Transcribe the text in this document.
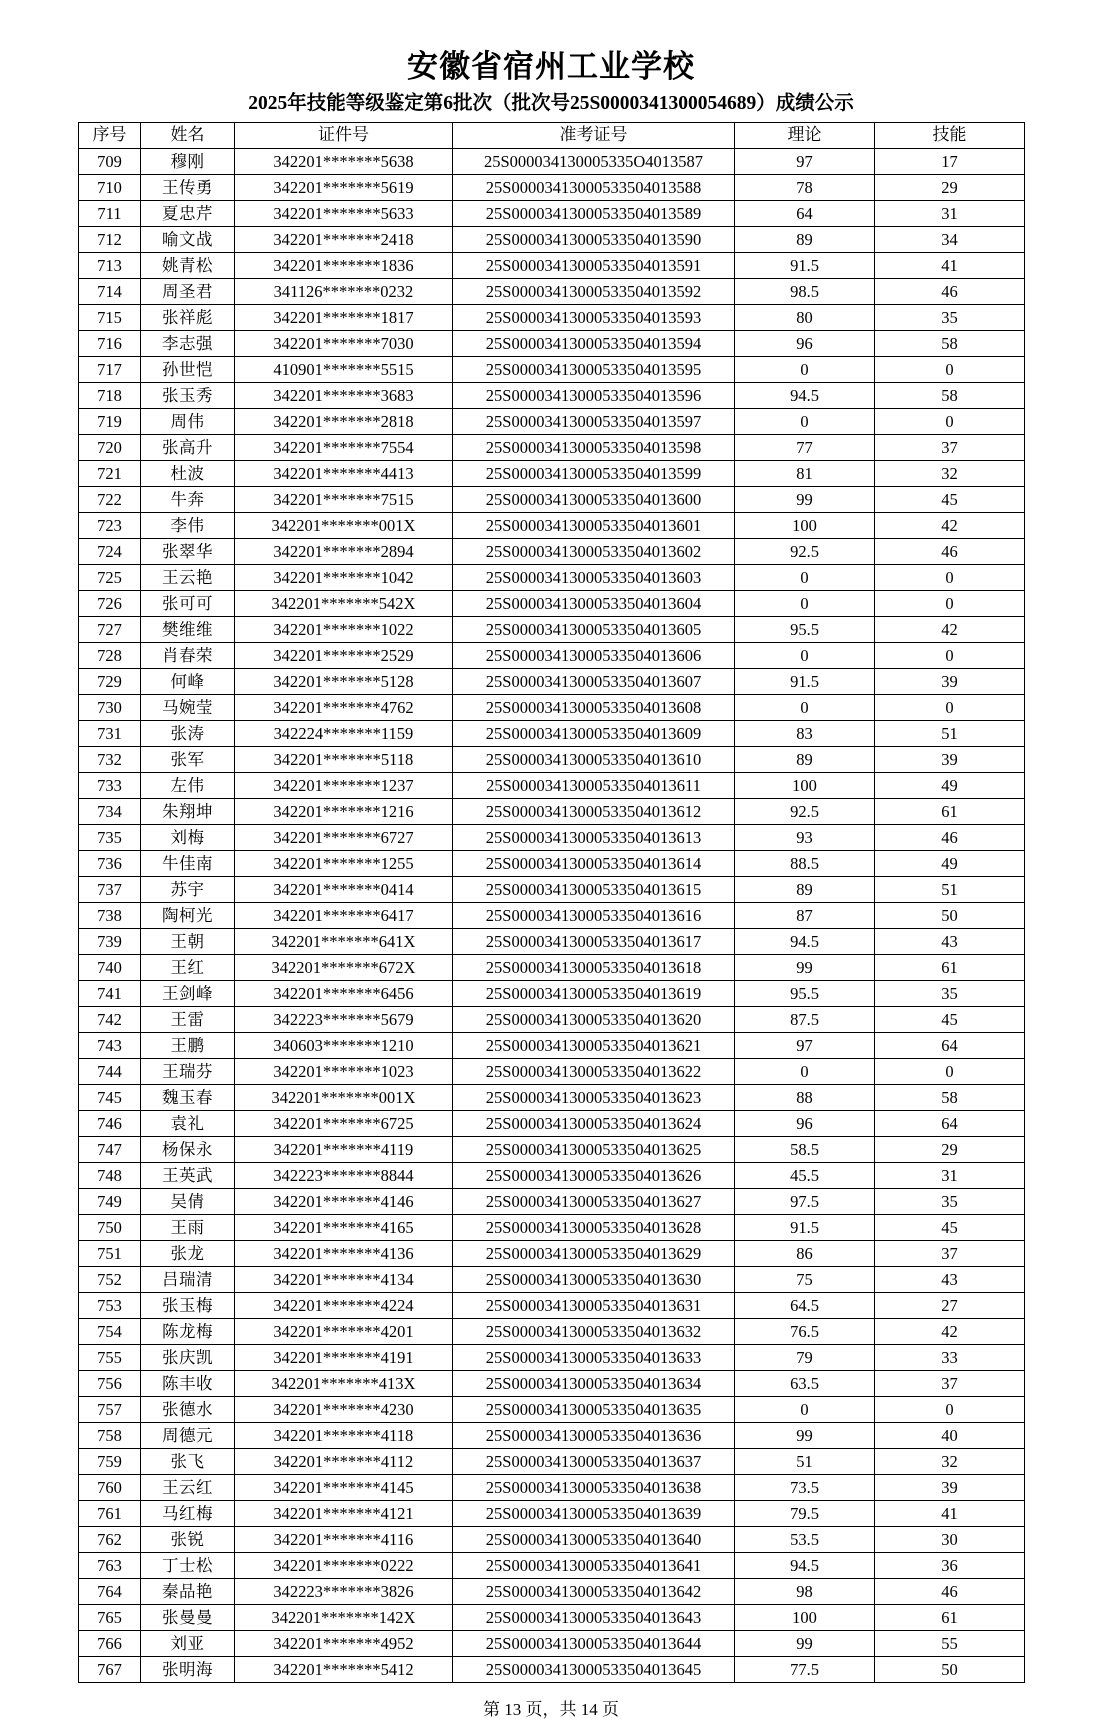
安徽省宿州工业学校
2025年技能等级鉴定第6批次（批次号25S0000341300054689）成绩公示
序号	姓名	证件号	准考证号	理论	技能
709	穆刚	342201*******5638	25S000034130005335O4013587	97	17
710	王传勇	342201*******5619	25S00003413000533504013588	78	29
711	夏忠芹	342201*******5633	25S00003413000533504013589	64	31
712	喻文战	342201*******2418	25S00003413000533504013590	89	34
713	姚青松	342201*******1836	25S00003413000533504013591	91.5	41
714	周圣君	341126*******0232	25S00003413000533504013592	98.5	46
715	张祥彪	342201*******1817	25S00003413000533504013593	80	35
716	李志强	342201*******7030	25S00003413000533504013594	96	58
717	孙世恺	410901*******5515	25S00003413000533504013595	0	0
718	张玉秀	342201*******3683	25S00003413000533504013596	94.5	58
719	周伟	342201*******2818	25S00003413000533504013597	0	0
720	张高升	342201*******7554	25S00003413000533504013598	77	37
721	杜波	342201*******4413	25S00003413000533504013599	81	32
722	牛奔	342201*******7515	25S00003413000533504013600	99	45
723	李伟	342201*******001X	25S00003413000533504013601	100	42
724	张翠华	342201*******2894	25S00003413000533504013602	92.5	46
725	王云艳	342201*******1042	25S00003413000533504013603	0	0
726	张可可	342201*******542X	25S00003413000533504013604	0	0
727	樊维维	342201*******1022	25S00003413000533504013605	95.5	42
728	肖春荣	342201*******2529	25S00003413000533504013606	0	0
729	何峰	342201*******5128	25S00003413000533504013607	91.5	39
730	马婉莹	342201*******4762	25S00003413000533504013608	0	0
731	张涛	342224*******1159	25S00003413000533504013609	83	51
732	张军	342201*******5118	25S00003413000533504013610	89	39
733	左伟	342201*******1237	25S00003413000533504013611	100	49
734	朱翔坤	342201*******1216	25S00003413000533504013612	92.5	61
735	刘梅	342201*******6727	25S00003413000533504013613	93	46
736	牛佳南	342201*******1255	25S00003413000533504013614	88.5	49
737	苏宇	342201*******0414	25S00003413000533504013615	89	51
738	陶柯光	342201*******6417	25S00003413000533504013616	87	50
739	王朝	342201*******641X	25S00003413000533504013617	94.5	43
740	王红	342201*******672X	25S00003413000533504013618	99	61
741	王剑峰	342201*******6456	25S00003413000533504013619	95.5	35
742	王雷	342223*******5679	25S00003413000533504013620	87.5	45
743	王鹏	340603*******1210	25S00003413000533504013621	97	64
744	王瑞芬	342201*******1023	25S00003413000533504013622	0	0
745	魏玉春	342201*******001X	25S00003413000533504013623	88	58
746	袁礼	342201*******6725	25S00003413000533504013624	96	64
747	杨保永	342201*******4119	25S00003413000533504013625	58.5	29
748	王英武	342223*******8844	25S00003413000533504013626	45.5	31
749	吴倩	342201*******4146	25S00003413000533504013627	97.5	35
750	王雨	342201*******4165	25S00003413000533504013628	91.5	45
751	张龙	342201*******4136	25S00003413000533504013629	86	37
752	吕瑞清	342201*******4134	25S00003413000533504013630	75	43
753	张玉梅	342201*******4224	25S00003413000533504013631	64.5	27
754	陈龙梅	342201*******4201	25S00003413000533504013632	76.5	42
755	张庆凯	342201*******4191	25S00003413000533504013633	79	33
756	陈丰收	342201*******413X	25S00003413000533504013634	63.5	37
757	张德水	342201*******4230	25S00003413000533504013635	0	0
758	周德元	342201*******4118	25S00003413000533504013636	99	40
759	张飞	342201*******4112	25S00003413000533504013637	51	32
760	王云红	342201*******4145	25S00003413000533504013638	73.5	39
761	马红梅	342201*******4121	25S00003413000533504013639	79.5	41
762	张锐	342201*******4116	25S00003413000533504013640	53.5	30
763	丁士松	342201*******0222	25S00003413000533504013641	94.5	36
764	秦品艳	342223*******3826	25S00003413000533504013642	98	46
765	张曼曼	342201*******142X	25S00003413000533504013643	100	61
766	刘亚	342201*******4952	25S00003413000533504013644	99	55
767	张明海	342201*******5412	25S00003413000533504013645	77.5	50
第 13 页，共 14 页
